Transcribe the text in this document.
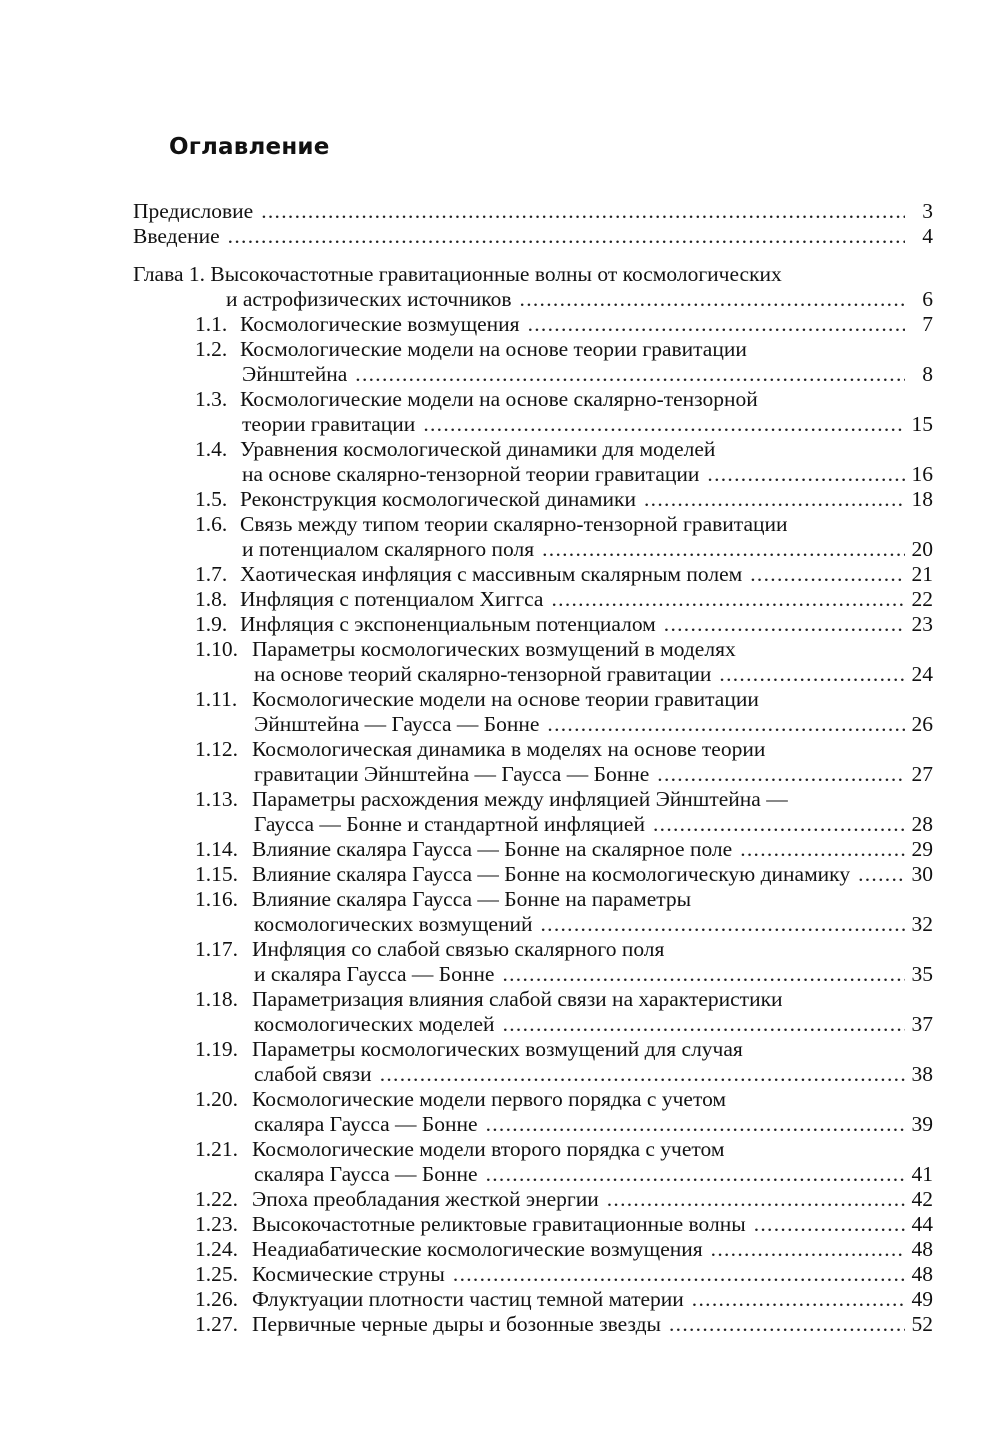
Оглавление
Предисловие .....	3
Введение .....	4
Глава 1. Высокочастотные гравитационные волны от космологических
и астрофизических источников .....	6
1.1. Космологические возмущения .....	7
1.2. Космологические модели на основе теории гравитации
Эйнштейна .....	8
1.3. Космологические модели на основе скалярно-тензорной
теории гравитации .....	15
1.4. Уравнения космологической динамики для моделей
на основе скалярно-тензорной теории гравитации .....	16
1.5. Реконструкция космологической динамики .....	18
1.6. Связь между типом теории скалярно-тензорной гравитации
и потенциалом скалярного поля .....	20
1.7. Хаотическая инфляция с массивным скалярным полем .....	21
1.8. Инфляция с потенциалом Хиггса .....	22
1.9. Инфляция с экспоненциальным потенциалом .....	23
1.10. Параметры космологических возмущений в моделях
на основе теорий скалярно-тензорной гравитации .....	24
1.11. Космологические модели на основе теории гравитации
Эйнштейна — Гаусса — Бонне .....	26
1.12. Космологическая динамика в моделях на основе теории
гравитации Эйнштейна — Гаусса — Бонне .....	27
1.13. Параметры расхождения между инфляцией Эйнштейна —
Гаусса — Бонне и стандартной инфляцией .....	28
1.14. Влияние скаляра Гаусса — Бонне на скалярное поле .....	29
1.15. Влияние скаляра Гаусса — Бонне на космологическую динамику .....	30
1.16. Влияние скаляра Гаусса — Бонне на параметры
космологических возмущений .....	32
1.17. Инфляция со слабой связью скалярного поля
и скаляра Гаусса — Бонне .....	35
1.18. Параметризация влияния слабой связи на характеристики
космологических моделей .....	37
1.19. Параметры космологических возмущений для случая
слабой связи .....	38
1.20. Космологические модели первого порядка с учетом
скаляра Гаусса — Бонне .....	39
1.21. Космологические модели второго порядка с учетом
скаляра Гаусса — Бонне .....	41
1.22. Эпоха преобладания жесткой энергии .....	42
1.23. Высокочастотные реликтовые гравитационные волны .....	44
1.24. Неадиабатические космологические возмущения .....	48
1.25. Космические струны .....	48
1.26. Флуктуации плотности частиц темной материи .....	49
1.27. Первичные черные дыры и бозонные звезды .....	52
